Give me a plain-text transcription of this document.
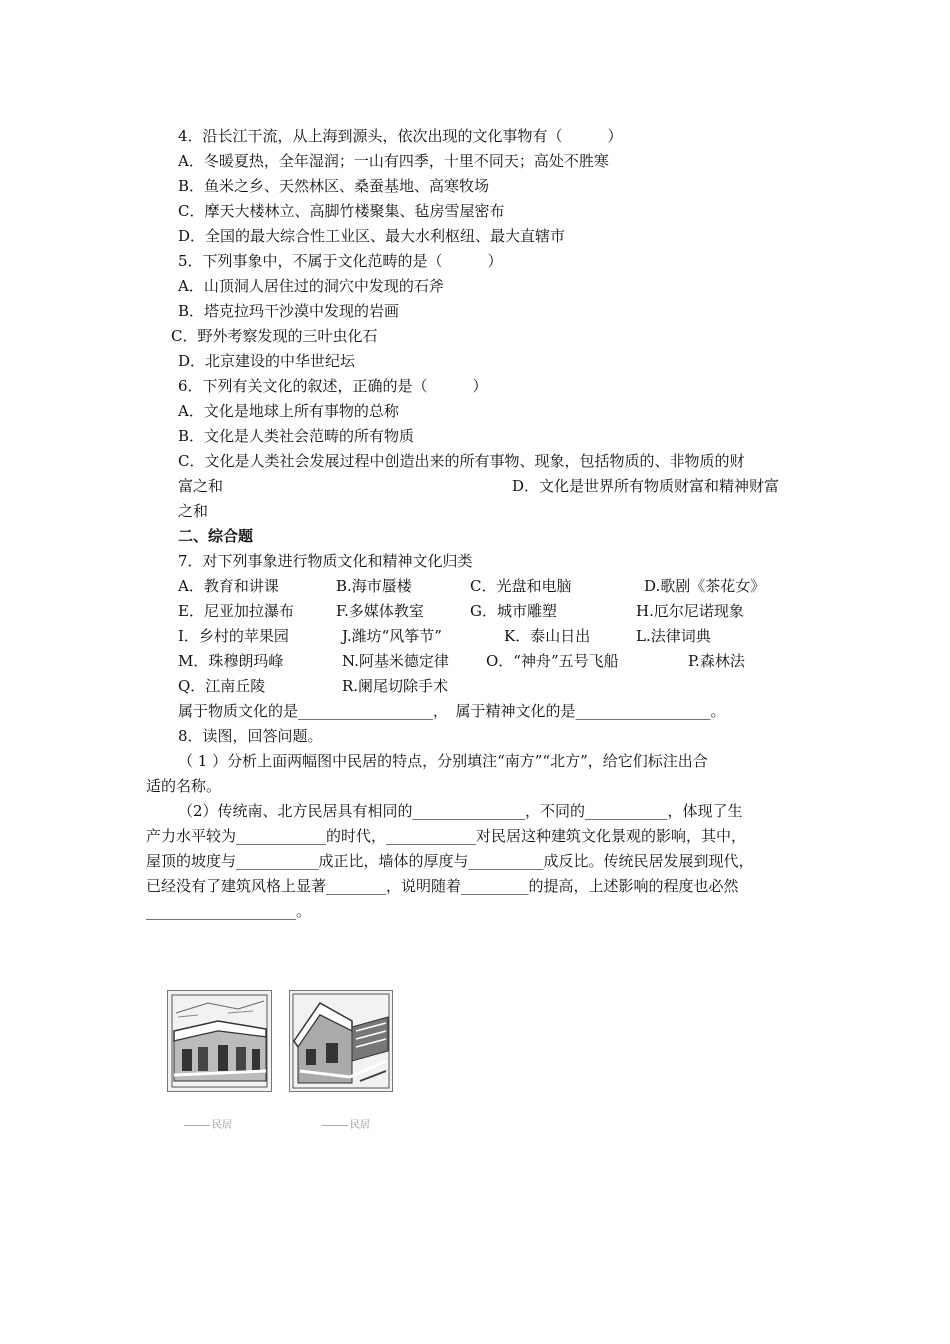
4．沿长江干流，从上海到源头，依次出现的文化事物有（　　　）
A．冬暖夏热，全年湿润；一山有四季，十里不同天；高处不胜寒
B．鱼米之乡、天然林区、桑蚕基地、高寒牧场
C．摩天大楼林立、高脚竹楼聚集、毡房雪屋密布
D．全国的最大综合性工业区、最大水利枢纽、最大直辖市
5．下列事象中，不属于文化范畴的是（　　　）
A．山顶洞人居住过的洞穴中发现的石斧
B．塔克拉玛干沙漠中发现的岩画
C．野外考察发现的三叶虫化石
D．北京建设的中华世纪坛
6．下列有关文化的叙述，正确的是（　　　）
A．文化是地球上所有事物的总称
B．文化是人类社会范畴的所有物质
C．文化是人类社会发展过程中创造出来的所有事物、现象，包括物质的、非物质的财
富之和	D．文化是世界所有物质财富和精神财富
之和
二、综合题
7．对下列事象进行物质文化和精神文化归类
A．教育和讲课	B.海市蜃楼	C．光盘和电脑	D.歌剧《茶花女》
E．尼亚加拉瀑布	F.多媒体教室	G．城市雕塑	H.厄尔尼诺现象
I．乡村的苹果园	J.潍坊“风筝节”	K．泰山日出	L.法律词典
M．珠穆朗玛峰	N.阿基米德定律 O．“神舟”五号飞船	P.森林法
Q．江南丘陵	R.阑尾切除手术
属于物质文化的是__________________，　属于精神文化的是__________________。
8．读图，回答问题。
（ 1 ）分析上面两幅图中民居的特点，分别填注“南方”“北方”，给它们标注出合
适的名称。
（2）传统南、北方民居具有相同的_______________，不同的___________，体现了生
产力水平较为____________的时代，____________对民居这种建筑文化景观的影响，其中，
屋顶的坡度与___________成正比，墙体的厚度与__________成反比。传统民居发展到现代，
已经没有了建筑风格上显著________，说明随着_________的提高，上述影响的程度也必然
____________________。
民居	民居
